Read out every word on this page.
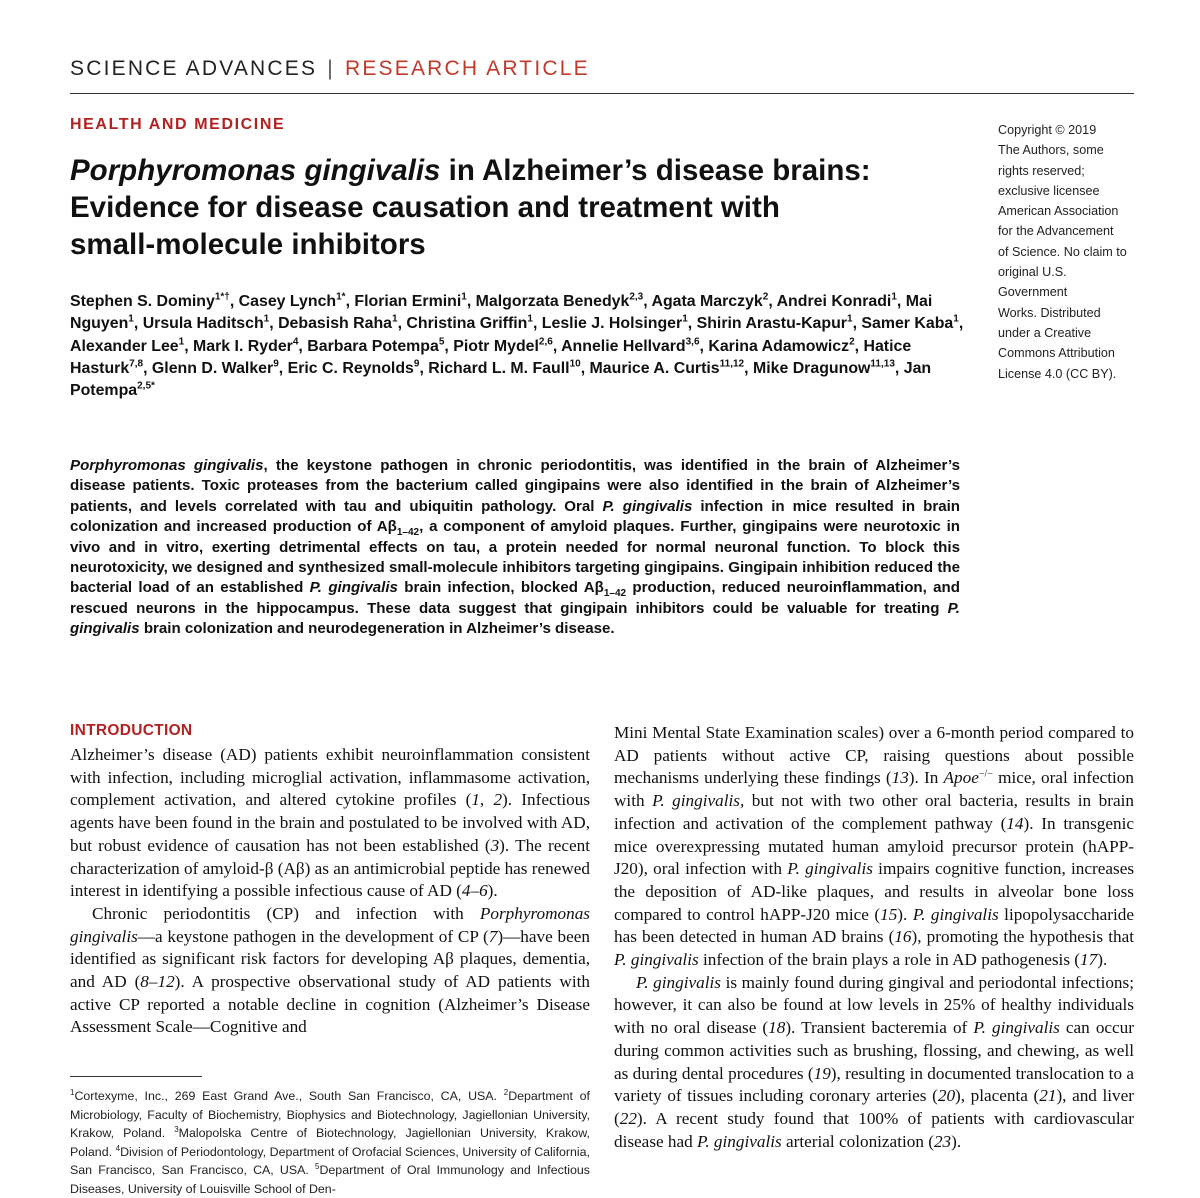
SCIENCE ADVANCES | RESEARCH ARTICLE
HEALTH AND MEDICINE
Porphyromonas gingivalis in Alzheimer’s disease brains:
Evidence for disease causation and treatment with
small-molecule inhibitors
Copyright © 2019
The Authors, some
rights reserved;
exclusive licensee
American Association
for the Advancement
of Science. No claim to
original U.S. Government
Works. Distributed
under a Creative
Commons Attribution
License 4.0 (CC BY).
Stephen S. Dominy$^{1*\dagger}$, Casey Lynch$^{1*}$, Florian Ermini$^1$, Malgorzata Benedyk$^{2,3}$, Agata Marczyk$^2$, Andrei Konradi$^1$, Mai Nguyen$^1$, Ursula Haditsch$^1$, Debasish Raha$^1$, Christina Griffin$^1$, Leslie J. Holsinger$^1$, Shirin Arastu-Kapur$^1$, Samer Kaba$^1$, Alexander Lee$^1$, Mark I. Ryder$^4$, Barbara Potempa$^5$, Piotr Mydel$^{2,6}$, Annelie Hellvard$^{3,6}$, Karina Adamowicz$^2$, Hatice Hasturk$^{7,8}$, Glenn D. Walker$^9$, Eric C. Reynolds$^9$, Richard L. M. Faull$^{10}$, Maurice A. Curtis$^{11,12}$, Mike Dragunow$^{11,13}$, Jan Potempa$^{2,5*}$
Porphyromonas gingivalis, the keystone pathogen in chronic periodontitis, was identified in the brain of Alzheimer’s disease patients. Toxic proteases from the bacterium called gingipains were also identified in the brain of Alzheimer’s patients, and levels correlated with tau and ubiquitin pathology. Oral P. gingivalis infection in mice resulted in brain colonization and increased production of $A\beta_{1-42}$, a component of amyloid plaques. Further, gingipains were neurotoxic in vivo and in vitro, exerting detrimental effects on tau, a protein needed for normal neuronal function. To block this neurotoxicity, we designed and synthesized small-molecule inhibitors targeting gingipains. Gingipain inhibition reduced the bacterial load of an established P. gingivalis brain infection, blocked $A\beta_{1-42}$ production, reduced neuroinflammation, and rescued neurons in the hippocampus. These data suggest that gingipain inhibitors could be valuable for treating P. gingivalis brain colonization and neurodegeneration in Alzheimer’s disease.
INTRODUCTION

Alzheimer’s disease (AD) patients exhibit neuroinflammation consistent with infection, including microglial activation, inflammasome activation, complement activation, and altered cytokine profiles (1, 2). Infectious agents have been found in the brain and postulated to be involved with AD, but robust evidence of causation has not been established (3). The recent characterization of amyloid-β (Aβ) as an antimicrobial peptide has renewed interest in identifying a possible infectious cause of AD (4–6).

Chronic periodontitis (CP) and infection with Porphyromonas gingivalis—a keystone pathogen in the development of CP (7)—have been identified as significant risk factors for developing Aβ plaques, dementia, and AD (8–12). A prospective observational study of AD patients with active CP reported a notable decline in cognition (Alzheimer’s Disease Assessment Scale—Cognitive and

Mini Mental State Examination scales) over a 6-month period compared to AD patients without active CP, raising questions about possible mechanisms underlying these findings (13). In Apoe−/− mice, oral infection with P. gingivalis, but not with two other oral bacteria, results in brain infection and activation of the complement pathway (14). In transgenic mice overexpressing mutated human amyloid precursor protein (hAPP-J20), oral infection with P. gingivalis impairs cognitive function, increases the deposition of AD-like plaques, and results in alveolar bone loss compared to control hAPP-J20 mice (15). P. gingivalis lipopolysaccharide has been detected in human AD brains (16), promoting the hypothesis that P. gingivalis infection of the brain plays a role in AD pathogenesis (17).

P. gingivalis is mainly found during gingival and periodontal infections; however, it can also be found at low levels in 25% of healthy individuals with no oral disease (18). Transient bacteremia of P. gingivalis can occur during common activities such as brushing, flossing, and chewing, as well as during dental procedures (19), resulting in documented translocation to a variety of tissues including coronary arteries (20), placenta (21), and liver (22). A recent study found that 100% of patients with cardiovascular disease had P. gingivalis arterial colonization (23).

$^1$Cortexyme, Inc., 269 East Grand Ave., South San Francisco, CA, USA. $^2$Department of Microbiology, Faculty of Biochemistry, Biophysics and Biotechnology, Jagiellonian University, Krakow, Poland. $^3$Malopolska Centre of Biotechnology, Jagiellonian University, Krakow, Poland. $^4$Division of Periodontology, Department of Orofacial Sciences, University of California, San Francisco, San Francisco, CA, USA. $^5$Department of Oral Immunology and Infectious Diseases, University of Louisville School of Den-
